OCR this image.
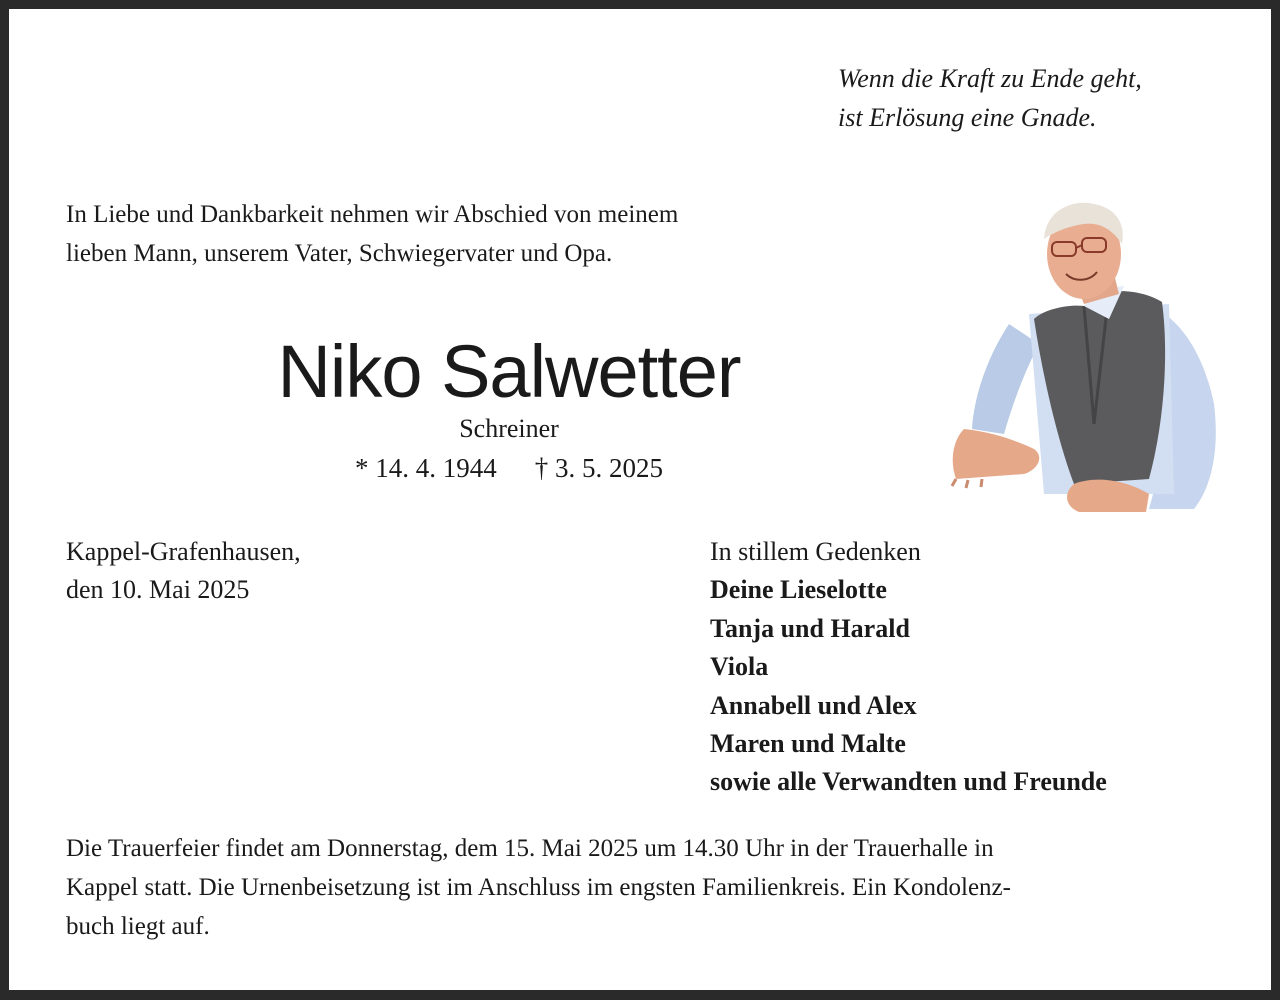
Wenn die Kraft zu Ende geht,
ist Erlösung eine Gnade.
In Liebe und Dankbarkeit nehmen wir Abschied von meinem
lieben Mann, unserem Vater, Schwiegervater und Opa.
Niko Salwetter
Schreiner
* 14. 4. 1944 † 3. 5. 2025
Kappel-Grafenhausen,
den 10. Mai 2025
In stillem Gedenken
Deine Lieselotte
Tanja und Harald
Viola
Annabell und Alex
Maren und Malte
sowie alle Verwandten und Freunde
Die Trauerfeier findet am Donnerstag, dem 15. Mai 2025 um 14.30 Uhr in der Trauerhalle in
Kappel statt. Die Urnenbeisetzung ist im Anschluss im engsten Familienkreis. Ein Kondolenz-
buch liegt auf.
